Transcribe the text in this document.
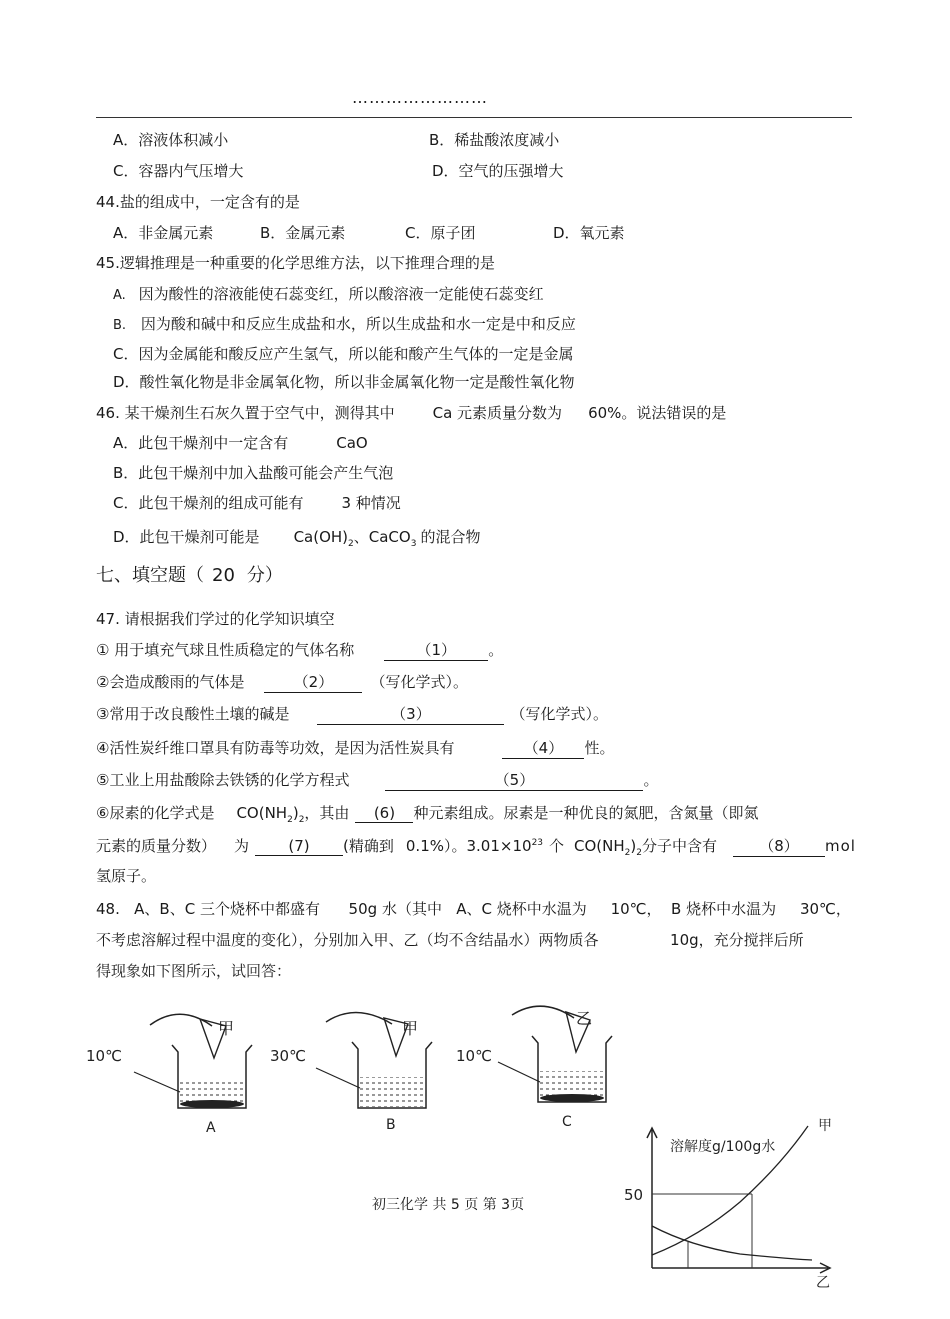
……………………
A．溶液体积减小	B．稀盐酸浓度减小
C．容器内气压增大	D．空气的压强增大
44.盐的组成中，一定含有的是
A．非金属元素	B．金属元素	C．原子团	D．氧元素
45.逻辑推理是一种重要的化学思维方法，以下推理合理的是
A. 因为酸性的溶液能使石蕊变红，所以酸溶液一定能使石蕊变红
B. 因为酸和碱中和反应生成盐和水，所以生成盐和水一定是中和反应
C．因为金属能和酸反应产生氢气，所以能和酸产生气体的一定是金属
D．酸性氧化物是非金属氧化物，所以非金属氧化物一定是酸性氧化物
46. 某干燥剂生石灰久置于空气中，测得其中	Ca 元素质量分数为 60%。说法错误的是
A．此包干燥剂中一定含有	CaO
B．此包干燥剂中加入盐酸可能会产生气泡
C．此包干燥剂的组成可能有	3 种情况
D．此包干燥剂可能是 $Ca(OH)_2$、CaCO$_3$ 的混合物
七、填空题（ 20 分）
47. 请根据我们学过的化学知识填空
① 用于填充气球且性质稳定的气体名称	（1） 。
②会造成酸雨的气体是	（2） （写化学式）。
③常用于改良酸性土壤的碱是	（3）	（写化学式）。
④活性炭纤维口罩具有防毒等功效，是因为活性炭具有	（4） 性。
⑤工业上用盐酸除去铁锈的化学方程式	（5）	。
⑥尿素的化学式是 $CO(NH_2)_2$，其由 (6) 种元素组成。尿素是一种优良的氮肥，含氮量（即氮
元素的质量分数） 为	(7) (精确到 0.1%）。$3.01\times 10^{23}$ 个 $CO(NH_2)_2$分子中含有	（8） mol
氢原子。
48.   A、B、C 三个烧杯中都盛有      50g 水（其中   A、C 烧杯中水温为     10℃，  B 烧杯中水温为     30℃，
不考虑溶解过程中温度的变化），分别加入甲、乙（均不含结晶水）两物质各               10g，充分搅拌后所
得现象如下图所示，试回答：
10℃
甲
A
30℃
甲
B
10℃
乙
C
溶解度g/100g水
50
甲
乙
初三化学 共 5 页 第 3页
